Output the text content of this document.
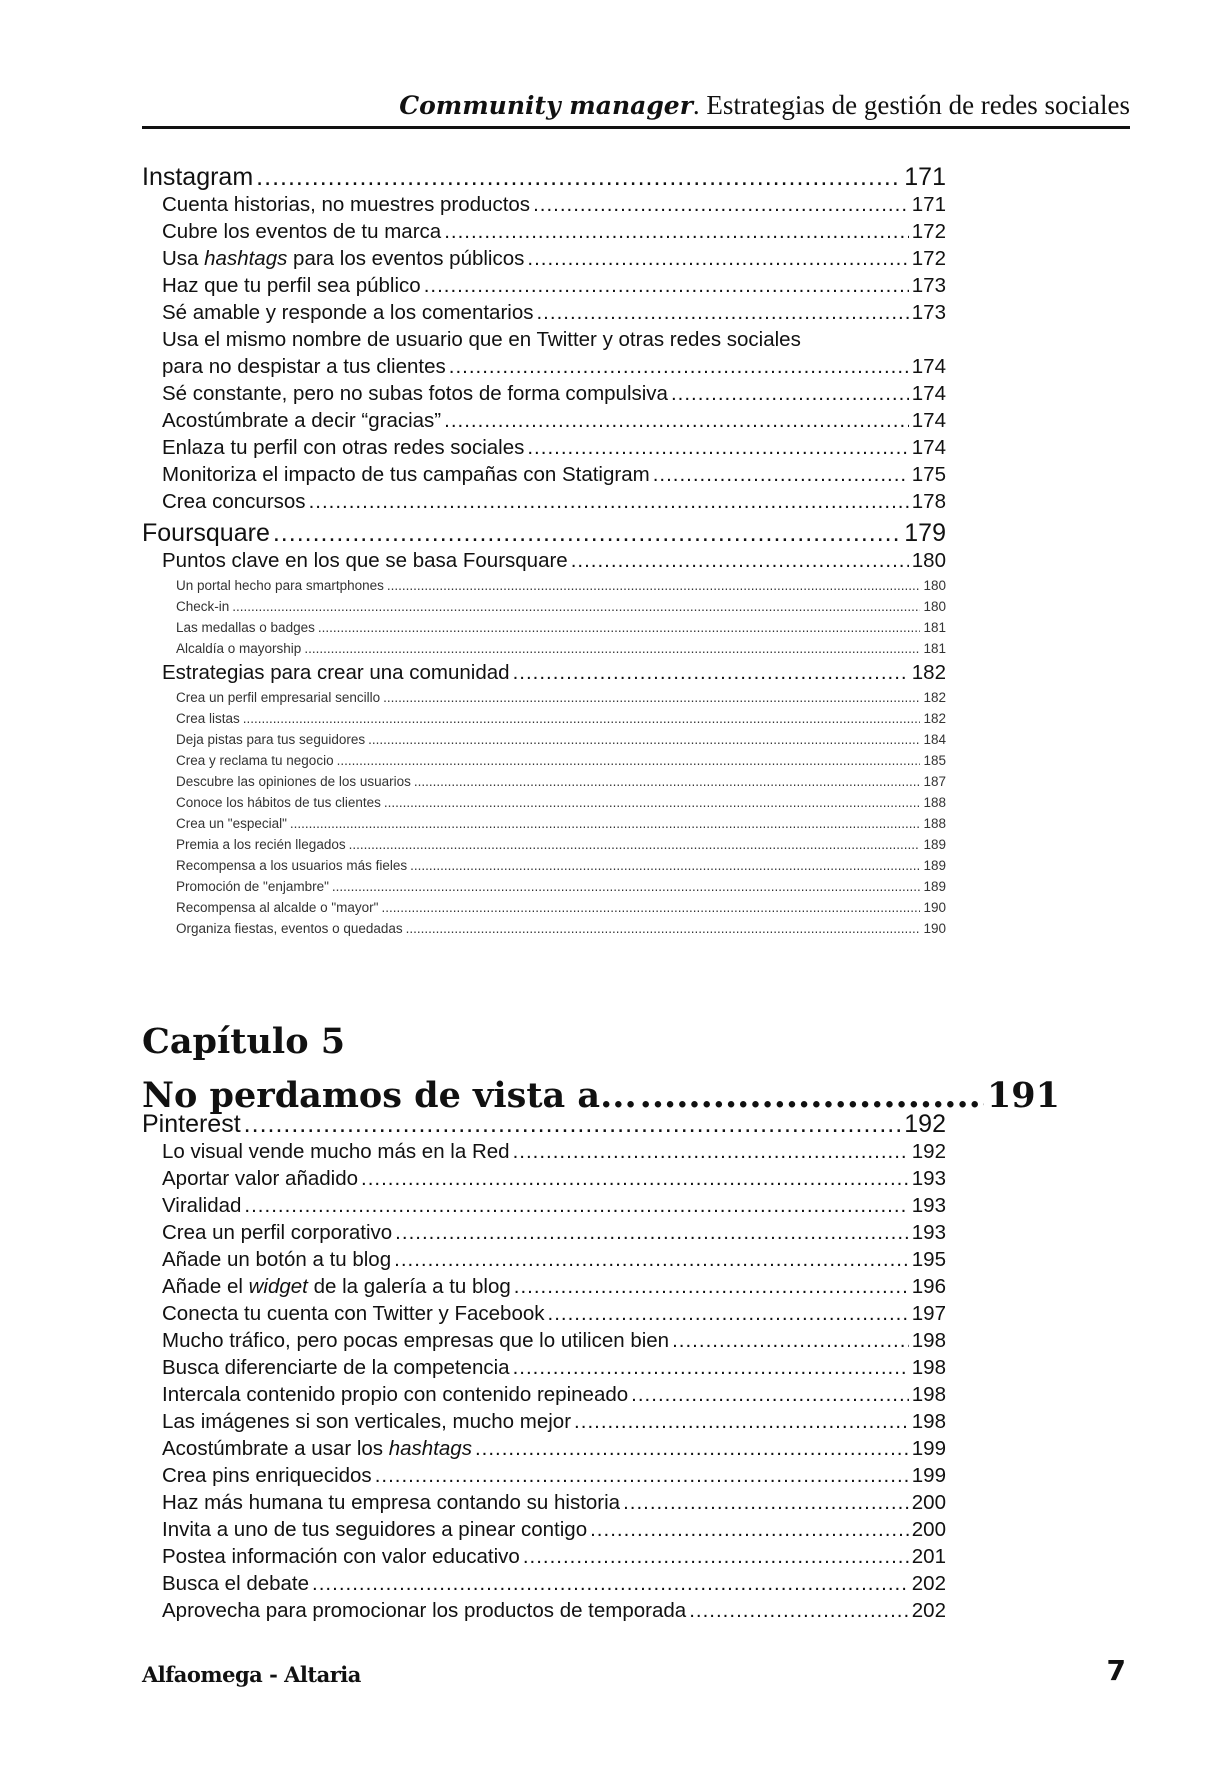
Community manager. Estrategias de gestión de redes sociales
Instagram .....	171
Cuenta historias, no muestres productos .....	171
Cubre los eventos de tu marca .....	172
Usa hashtags para los eventos públicos .....	172
Haz que tu perfil sea público .....	173
Sé amable y responde a los comentarios .....	173
Usa el mismo nombre de usuario que en Twitter y otras redes sociales
para no despistar a tus clientes .....	174
Sé constante, pero no subas fotos de forma compulsiva .....	174
Acostúmbrate a decir “gracias” .....	174
Enlaza tu perfil con otras redes sociales .....	174
Monitoriza el impacto de tus campañas con Statigram .....	175
Crea concursos .....	178
Foursquare .....	179
Puntos clave en los que se basa Foursquare .....	180
Un portal hecho para smartphones .....	180
Check-in .....	180
Las medallas o badges .....	181
Alcaldía o mayorship .....	181
Estrategias para crear una comunidad .....	182
Crea un perfil empresarial sencillo .....	182
Crea listas .....	182
Deja pistas para tus seguidores .....	184
Crea y reclama tu negocio .....	185
Descubre las opiniones de los usuarios .....	187
Conoce los hábitos de tus clientes .....	188
Crea un "especial" .....	188
Premia a los recién llegados .....	189
Recompensa a los usuarios más fieles .....	189
Promoción de "enjambre" .....	189
Recompensa al alcalde o "mayor" .....	190
Organiza fiestas, eventos o quedadas .....	190
Capítulo 5
No perdamos de vista a... .....	191
Pinterest .....	192
Lo visual vende mucho más en la Red .....	192
Aportar valor añadido .....	193
Viralidad .....	193
Crea un perfil corporativo .....	193
Añade un botón a tu blog .....	195
Añade el widget de la galería a tu blog .....	196
Conecta tu cuenta con Twitter y Facebook .....	197
Mucho tráfico, pero pocas empresas que lo utilicen bien .....	198
Busca diferenciarte de la competencia .....	198
Intercala contenido propio con contenido repineado .....	198
Las imágenes si son verticales, mucho mejor .....	198
Acostúmbrate a usar los hashtags .....	199
Crea pins enriquecidos .....	199
Haz más humana tu empresa contando su historia .....	200
Invita a uno de tus seguidores a pinear contigo .....	200
Postea información con valor educativo .....	201
Busca el debate .....	202
Aprovecha para promocionar los productos de temporada .....	202
Alfaomega - Altaria	7
